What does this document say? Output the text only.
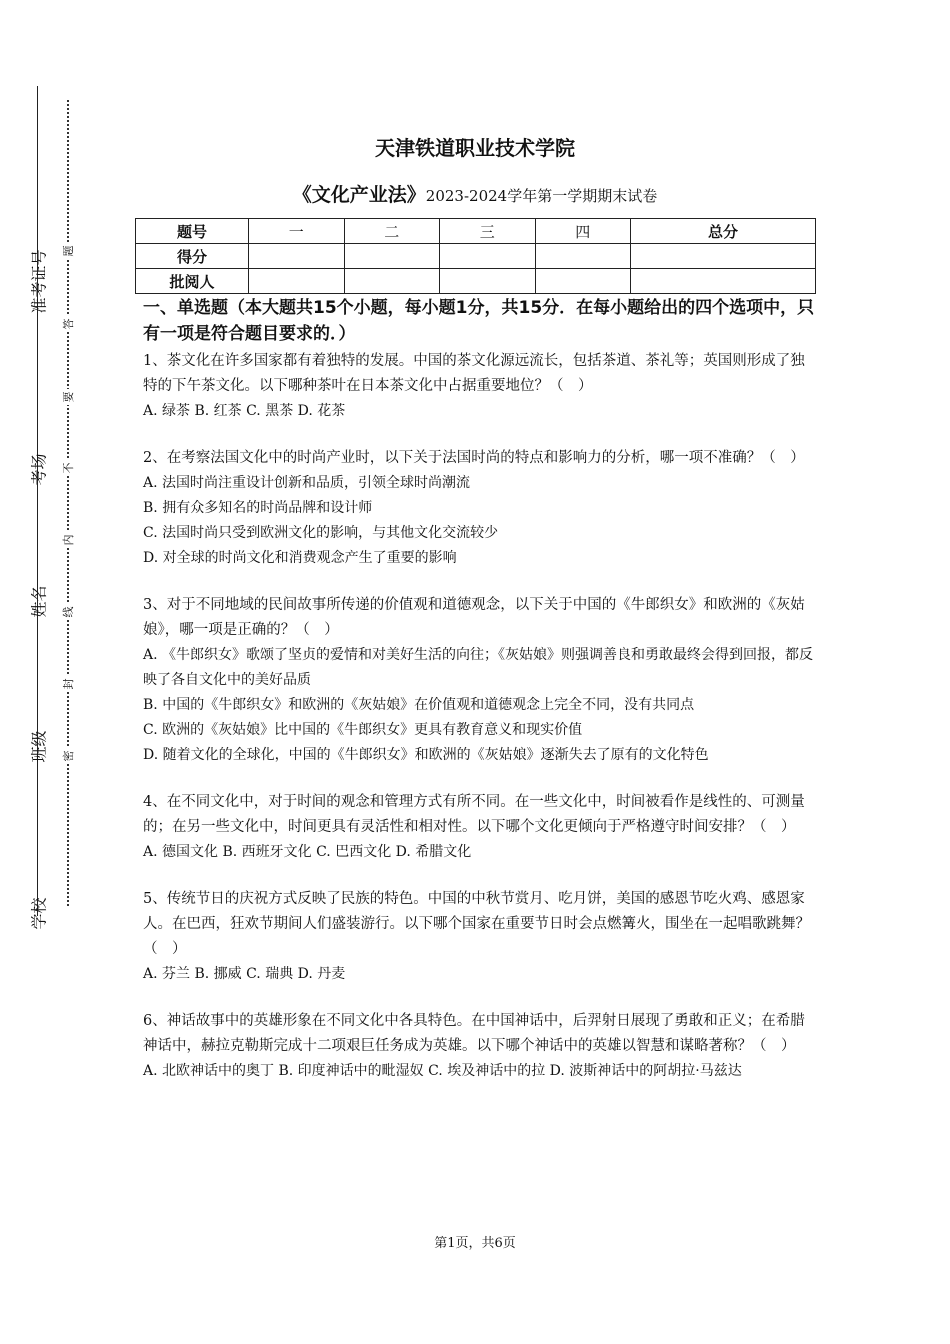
准考证号
考场
姓名
班级
学校
题
答
要
不
内
线
封
密
天津铁道职业技术学院
《文化产业法》2023-2024学年第一学期期末试卷
题号	一	二	三	四	总分
得分					
批阅人					

一、单选题（本大题共15个小题，每小题1分，共15分．在每小题给出的四个选项中，只有一项是符合题目要求的．）

1、茶文化在许多国家都有着独特的发展。中国的茶文化源远流长，包括茶道、茶礼等；英国则形成了独特的下午茶文化。以下哪种茶叶在日本茶文化中占据重要地位？（　）

A. 绿茶 B. 红茶 C. 黑茶 D. 花茶

2、在考察法国文化中的时尚产业时，以下关于法国时尚的特点和影响力的分析，哪一项不准确？（　）

A. 法国时尚注重设计创新和品质，引领全球时尚潮流

B. 拥有众多知名的时尚品牌和设计师

C. 法国时尚只受到欧洲文化的影响，与其他文化交流较少

D. 对全球的时尚文化和消费观念产生了重要的影响

3、对于不同地域的民间故事所传递的价值观和道德观念，以下关于中国的《牛郎织女》和欧洲的《灰姑娘》，哪一项是正确的？（　）

A. 《牛郎织女》歌颂了坚贞的爱情和对美好生活的向往；《灰姑娘》则强调善良和勇敢最终会得到回报，都反映了各自文化中的美好品质

B. 中国的《牛郎织女》和欧洲的《灰姑娘》在价值观和道德观念上完全不同，没有共同点

C. 欧洲的《灰姑娘》比中国的《牛郎织女》更具有教育意义和现实价值

D. 随着文化的全球化，中国的《牛郎织女》和欧洲的《灰姑娘》逐渐失去了原有的文化特色

4、在不同文化中，对于时间的观念和管理方式有所不同。在一些文化中，时间被看作是线性的、可测量的；在另一些文化中，时间更具有灵活性和相对性。以下哪个文化更倾向于严格遵守时间安排？（　）

A. 德国文化 B. 西班牙文化 C. 巴西文化 D. 希腊文化

5、传统节日的庆祝方式反映了民族的特色。中国的中秋节赏月、吃月饼，美国的感恩节吃火鸡、感恩家人。在巴西，狂欢节期间人们盛装游行。以下哪个国家在重要节日时会点燃篝火，围坐在一起唱歌跳舞？（　）

A. 芬兰 B. 挪威 C. 瑞典 D. 丹麦

6、神话故事中的英雄形象在不同文化中各具特色。在中国神话中，后羿射日展现了勇敢和正义；在希腊神话中，赫拉克勒斯完成十二项艰巨任务成为英雄。以下哪个神话中的英雄以智慧和谋略著称？（　）

A. 北欧神话中的奥丁 B. 印度神话中的毗湿奴 C. 埃及神话中的拉 D. 波斯神话中的阿胡拉·马兹达

第1页，共6页
